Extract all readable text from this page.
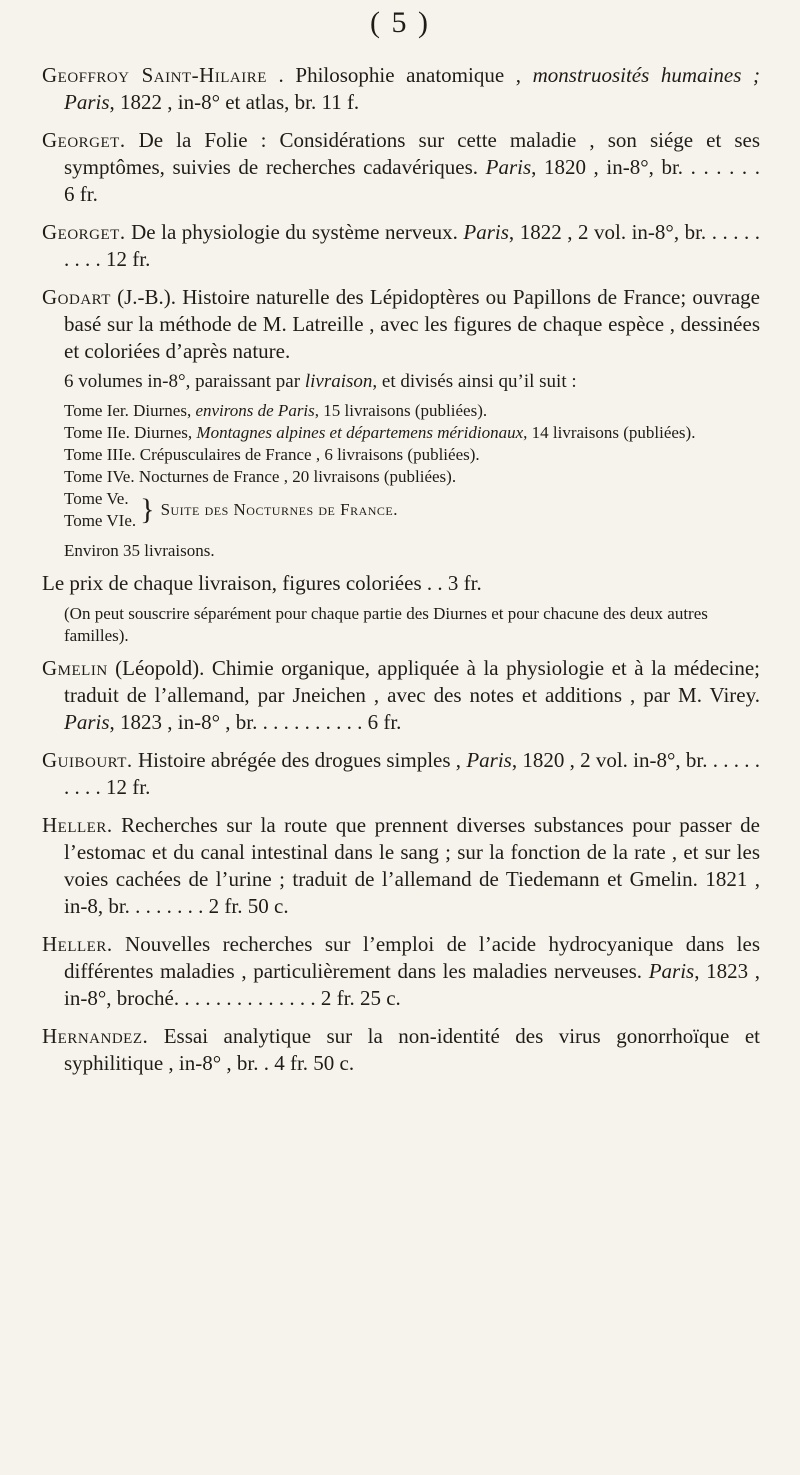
( 5 )

Geoffroy Saint-Hilaire . Philosophie anatomique , monstruosités humaines ; Paris, 1822 , in-8° et atlas, br. 11 f.

Georget. De la Folie : Considérations sur cette maladie , son siége et ses symptômes, suivies de recherches cadavériques. Paris, 1820 , in-8°, br. . . . . . . 6 fr.

Georget. De la physiologie du système nerveux. Paris, 1822 , 2 vol. in-8°, br. . . . . . . . . . 12 fr.

Godart (J.-B.). Histoire naturelle des Lépidoptères ou Papillons de France; ouvrage basé sur la méthode de M. Latreille , avec les figures de chaque espèce , dessinées et coloriées d’après nature.

6 volumes in-8°, paraissant par livraison, et divisés ainsi qu’il suit :

Tome Ier. Diurnes, environs de Paris, 15 livraisons (publiées).
Tome IIe. Diurnes, Montagnes alpines et départemens méridionaux, 14 livraisons (publiées).
Tome IIIe. Crépusculaires de France , 6 livraisons (publiées).
Tome IVe. Nocturnes de France , 20 livraisons (publiées).
Tome Ve.
Tome VIe. } Suite des Nocturnes de France.
Environ 35 livraisons.

Le prix de chaque livraison, figures coloriées . . 3 fr.

(On peut souscrire séparément pour chaque partie des Diurnes et pour chacune des deux autres familles).

Gmelin (Léopold). Chimie organique, appliquée à la physiologie et à la médecine; traduit de l’allemand, par Jneichen , avec des notes et additions , par M. Virey. Paris, 1823 , in-8° , br. . . . . . . . . . . 6 fr.

Guibourt. Histoire abrégée des drogues simples , Paris, 1820 , 2 vol. in-8°, br. . . . . . . . . . 12 fr.

Heller. Recherches sur la route que prennent diverses substances pour passer de l’estomac et du canal intestinal dans le sang ; sur la fonction de la rate , et sur les voies cachées de l’urine ; traduit de l’allemand de Tiedemann et Gmelin. 1821 , in-8, br. . . . . . . . 2 fr. 50 c.

Heller. Nouvelles recherches sur l’emploi de l’acide hydrocyanique dans les différentes maladies , particulièrement dans les maladies nerveuses. Paris, 1823 , in-8°, broché. . . . . . . . . . . . . . 2 fr. 25 c.

Hernandez. Essai analytique sur la non-identité des virus gonorrhoïque et syphilitique , in-8° , br. . 4 fr. 50 c.
